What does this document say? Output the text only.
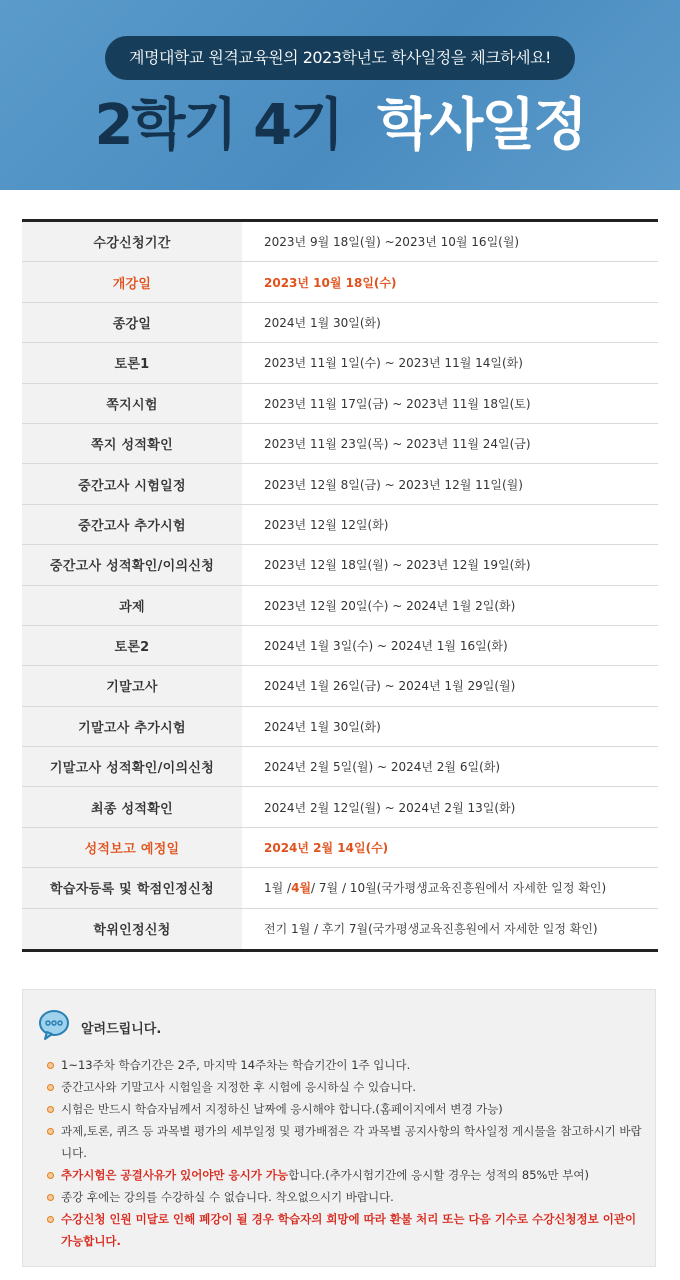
계명대학교 원격교육원의 2023학년도 학사일정을 체크하세요!
2학기 4기 학사일정
수강신청기간	2023년 9월 18일(월) ~2023년 10월 16일(월)
개강일	2023년 10월 18일(수)
종강일	2024년 1월 30일(화)
토론1	2023년 11월 1일(수) ~ 2023년 11월 14일(화)
쪽지시험	2023년 11월 17일(금) ~ 2023년 11월 18일(토)
쪽지 성적확인	2023년 11월 23일(목) ~ 2023년 11월 24일(금)
중간고사 시험일정	2023년 12월 8일(금) ~ 2023년 12월 11일(월)
중간고사 추가시험	2023년 12월 12일(화)
중간고사 성적확인/이의신청	2023년 12월 18일(월) ~ 2023년 12월 19일(화)
과제	2023년 12월 20일(수) ~ 2024년 1월 2일(화)
토론2	2024년 1월 3일(수) ~ 2024년 1월 16일(화)
기말고사	2024년 1월 26일(금) ~ 2024년 1월 29일(월)
기말고사 추가시험	2024년 1월 30일(화)
기말고사 성적확인/이의신청	2024년 2월 5일(월) ~ 2024년 2월 6일(화)
최종 성적확인	2024년 2월 12일(월) ~ 2024년 2월 13일(화)
성적보고 예정일	2024년 2월 14일(수)
학습자등록 및 학점인정신청	1월 / 4월 / 7월 / 10월(국가평생교육진흥원에서 자세한 일정 확인)
학위인정신청	전기 1월 / 후기 7월(국가평생교육진흥원에서 자세한 일정 확인)
알려드립니다.
1~13주차 학습기간은 2주, 마지막 14주차는 학습기간이 1주 입니다.
중간고사와 기말고사 시험일을 지정한 후 시험에 응시하실 수 있습니다.
시험은 반드시 학습자님께서 지정하신 날짜에 응시해야 합니다.(홈페이지에서 변경 가능)
과제,토론, 퀴즈 등 과목별 평가의 세부일정 및 평가배점은 각 과목별 공지사항의 학사일정 게시물을 참고하시기 바랍니다.
추가시험은 공결사유가 있어야만 응시가 가능합니다.(추가시험기간에 응시할 경우는 성적의 85%만 부여)
종강 후에는 강의를 수강하실 수 없습니다. 착오없으시기 바랍니다.
수강신청 인원 미달로 인해 폐강이 될 경우 학습자의 희망에 따라 환불 처리 또는 다음 기수로 수강신청정보 이관이 가능합니다.
